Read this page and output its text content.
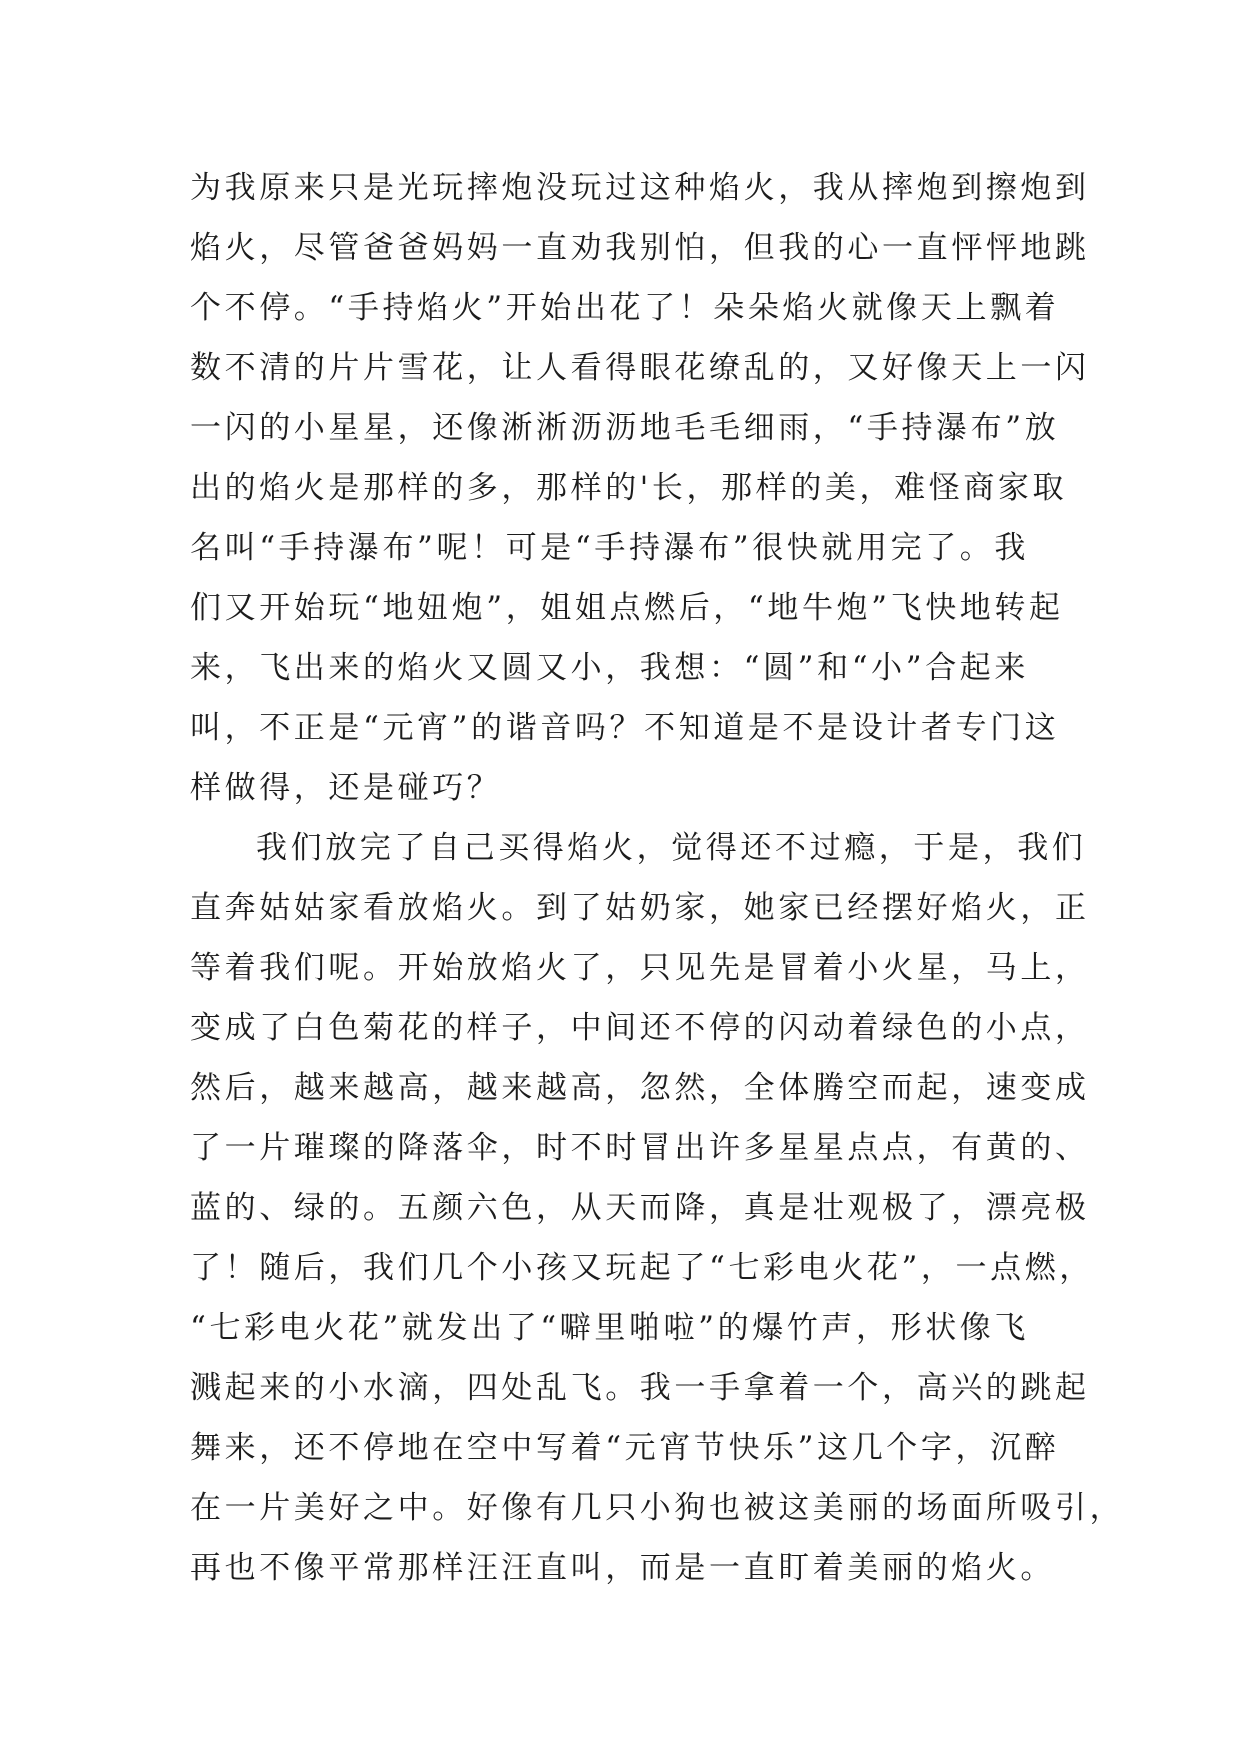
为我原来只是光玩摔炮没玩过这种焰火，我从摔炮到擦炮到
焰火，尽管爸爸妈妈一直劝我别怕，但我的心一直怦怦地跳
个不停。“手持焰火”开始出花了！朵朵焰火就像天上飘着
数不清的片片雪花，让人看得眼花缭乱的，又好像天上一闪
一闪的小星星，还像淅淅沥沥地毛毛细雨，“手持瀑布”放
出的焰火是那样的多，那样的'长，那样的美，难怪商家取
名叫“手持瀑布”呢！可是“手持瀑布”很快就用完了。我
们又开始玩“地妞炮”，姐姐点燃后，“地牛炮”飞快地转起
来，飞出来的焰火又圆又小，我想：“圆”和“小”合起来
叫，不正是“元宵”的谐音吗？不知道是不是设计者专门这
样做得，还是碰巧？
我们放完了自己买得焰火，觉得还不过瘾，于是，我们
直奔姑姑家看放焰火。到了姑奶家，她家已经摆好焰火，正
等着我们呢。开始放焰火了，只见先是冒着小火星，马上，
变成了白色菊花的样子，中间还不停的闪动着绿色的小点，
然后，越来越高，越来越高，忽然，全体腾空而起，速变成
了一片璀璨的降落伞，时不时冒出许多星星点点，有黄的、
蓝的、绿的。五颜六色，从天而降，真是壮观极了，漂亮极
了！随后，我们几个小孩又玩起了“七彩电火花”，一点燃，
“七彩电火花”就发出了“噼里啪啦”的爆竹声，形状像飞
溅起来的小水滴，四处乱飞。我一手拿着一个，高兴的跳起
舞来，还不停地在空中写着“元宵节快乐”这几个字，沉醉
在一片美好之中。好像有几只小狗也被这美丽的场面所吸引，
再也不像平常那样汪汪直叫，而是一直盯着美丽的焰火。
